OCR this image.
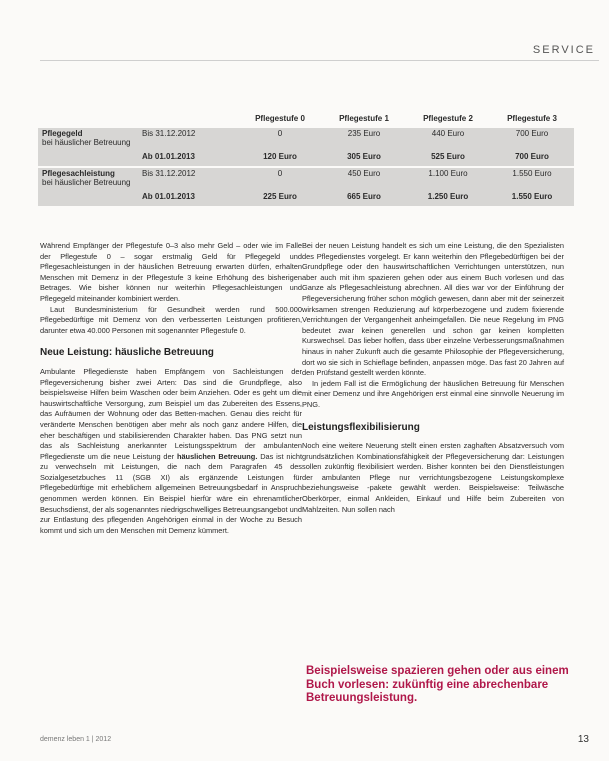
SERVICE
Pflegestufe 0	Pflegestufe 1	Pflegestufe 2	Pflegestufe 3
Pflegegeld
bei häuslicher Betreuung
Bis 31.12.2012	0	235 Euro	440 Euro	700 Euro
Ab 01.01.2013	120 Euro	305 Euro	525 Euro	700 Euro
Pflegesachleistung
bei häuslicher Betreuung
Bis 31.12.2012	0	450 Euro	1.100 Euro	1.550 Euro
Ab 01.01.2013	225 Euro	665 Euro	1.250 Euro	1.550 Euro

Während Empfänger der Pflegestufe 0–3 also mehr Geld – oder wie im Falle der Pflegestufe 0 – sogar erstmalig Geld für Pflegegeld und Pflegesachleistungen in der häuslichen Betreuung erwarten dürfen, erhalten Menschen mit Demenz in der Pflegestufe 3 keine Erhöhung des bisherigen Betrages. Wie bisher können nur weiterhin Pflegesachleistungen und Pflegegeld miteinander kombiniert werden.

Laut Bundesministerium für Gesundheit werden rund 500.000 Pflegebedürftige mit Demenz von den verbesserten Leistungen profitieren, darunter etwa 40.000 Personen mit sogenannter Pflegestufe 0.

Neue Leistung: häusliche Betreuung

Ambulante Pflegedienste haben Empfängern von Sachleistungen der Pflegeversicherung bisher zwei Arten: Das sind die Grundpflege, also beispielsweise Hilfen beim Waschen oder beim Anziehen. Oder es geht um die hauswirtschaftliche Versorgung, zum Beispiel um das Zubereiten des Essens, das Aufräumen der Wohnung oder das Betten-machen. Genau dies reicht für veränderte Menschen benötigen aber mehr als noch ganz andere Hilfen, die eher beschäftigen und stabilisierenden Charakter haben. Das PNG setzt nun das als Sachleistung anerkannter Leistungsspektrum der ambulanten Pflegedienste um die neue Leistung der häuslichen Betreuung. Das ist nicht zu verwechseln mit Leistungen, die nach dem Paragrafen 45 des Sozialgesetzbuches 11 (SGB XI) als ergänzende Leistungen für Pflegebedürftige mit erheblichem allgemeinen Betreuungsbedarf in Anspruch genommen werden können. Ein Beispiel hierfür wäre ein ehrenamtlicher Besuchsdienst, der als sogenanntes niedrigschwelliges Betreuungsangebot und zur Entlastung des pflegenden Angehörigen einmal in der Woche zu Besuch kommt und sich um den Menschen mit Demenz kümmert.

Bei der neuen Leistung handelt es sich um eine Leistung, die den Spezialisten des Pflegedienstes vorgelegt. Er kann weiterhin den Pflegebedürftigen bei der Grundpflege oder den hauswirtschaftlichen Verrichtungen unterstützen, nun aber auch mit ihm spazieren gehen oder aus einem Buch vorlesen und das Ganze als Pflegesachleistung abrechnen. All dies war vor der Einführung der Pflegeversicherung früher schon möglich gewesen, dann aber mit der seinerzeit wirksamen strengen Reduzierung auf körperbezogene und zudem fixierende Verrichtungen der Vergangenheit anheimgefallen. Die neue Regelung im PNG bedeutet zwar keinen generellen und schon gar keinen kompletten Kurswechsel. Das lieber hoffen, dass über einzelne Verbesserungsmaßnahmen hinaus in naher Zukunft auch die gesamte Philosophie der Pflegeversicherung, dort wo sie sich in Schieflage befinden, anpassen möge. Das fast 20 Jahren auf den Prüfstand gestellt werden könnte.

In jedem Fall ist die Ermöglichung der häuslichen Betreuung für Menschen mit einer Demenz und ihre Angehörigen erst einmal eine sinnvolle Neuerung im PNG.

Leistungsflexibilisierung

Noch eine weitere Neuerung stellt einen ersten zaghaften Absatzversuch vom grundsätzlichen Kombinationsfähigkeit der Pflegeversicherung dar: Leistungen sollen zukünftig flexibilisiert werden. Bisher konnten bei den Dienstleistungen der ambulanten Pflege nur verrichtungsbezogene Leistungskomplexe beziehungsweise -pakete gewählt werden. Beispielsweise: Teilwäsche Oberkörper, einmal Ankleiden, Einkauf und Hilfe beim Zubereiten von Mahlzeiten. Nun sollen nach

Beispielsweise spazieren gehen oder aus einem Buch vorlesen: zukünftig eine abrechenbare Betreuungsleistung.
demenz leben 1 | 2012	13
